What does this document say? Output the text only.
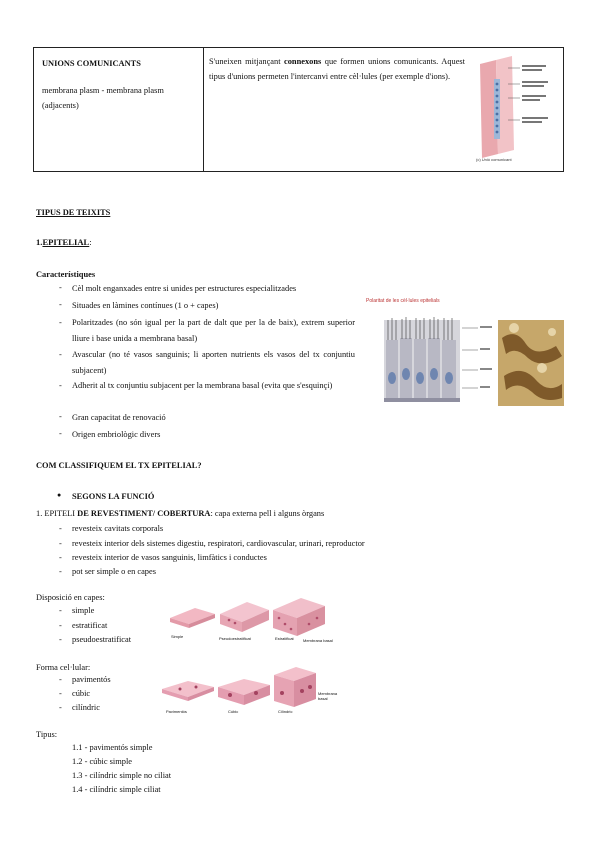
UNIONS COMUNICANTS
membrana plasm - membrana plasm (adjacents)

S'uneixen mitjançant connexons que formen unions comunicants. Aquest tipus d'unions permeten l'intercanvi entre cèl·lules (per exemple d'ions).
(c) Unió comunicant
TIPUS DE TEIXITS
1.EPITELIAL:
Característiques
- Cèl molt enganxades entre si unides per estructures especialitzades
- Situades en làmines contínues (1 o + capes)
- Polaritzades (no són igual per la part de dalt que per la de baix), extrem superior lliure i base unida a membrana basal)
- Avascular (no té vasos sanguinis; li aporten nutrients els vasos del tx conjuntiu subjacent)
- Adherit al tx conjuntiu subjacent per la membrana basal (evita que s'esquinçi)
- Gran capacitat de renovació
- Origen embriològic divers
Polaritat de les cèl·lules epitelials
COM CLASSIFIQUEM EL TX EPITELIAL?
● SEGONS LA FUNCIÓ
1. EPITELI DE REVESTIMENT/ COBERTURA: capa externa pell i alguns òrgans
- revesteix cavitats corporals
- revesteix interior dels sistemes digestiu, respiratori, cardiovascular, urinari, reproductor
- revesteix interior de vasos sanguinis, limfàtics i conductes
- pot ser simple o en capes
Disposició en capes:
- simple
- estratificat
- pseudoestratificat	Simple	Pseudoestratificat	Estratificat Membrana basal
Forma cel·lular:
- pavimentós
- cúbic
- cilíndric	Pavimentós	Cúbic	Cilíndric
Membrana basal
Tipus:
1.1 - pavimentós simple
1.2 - cúbic simple
1.3 - cilíndric simple no ciliat
1.4 - cilíndric simple ciliat
